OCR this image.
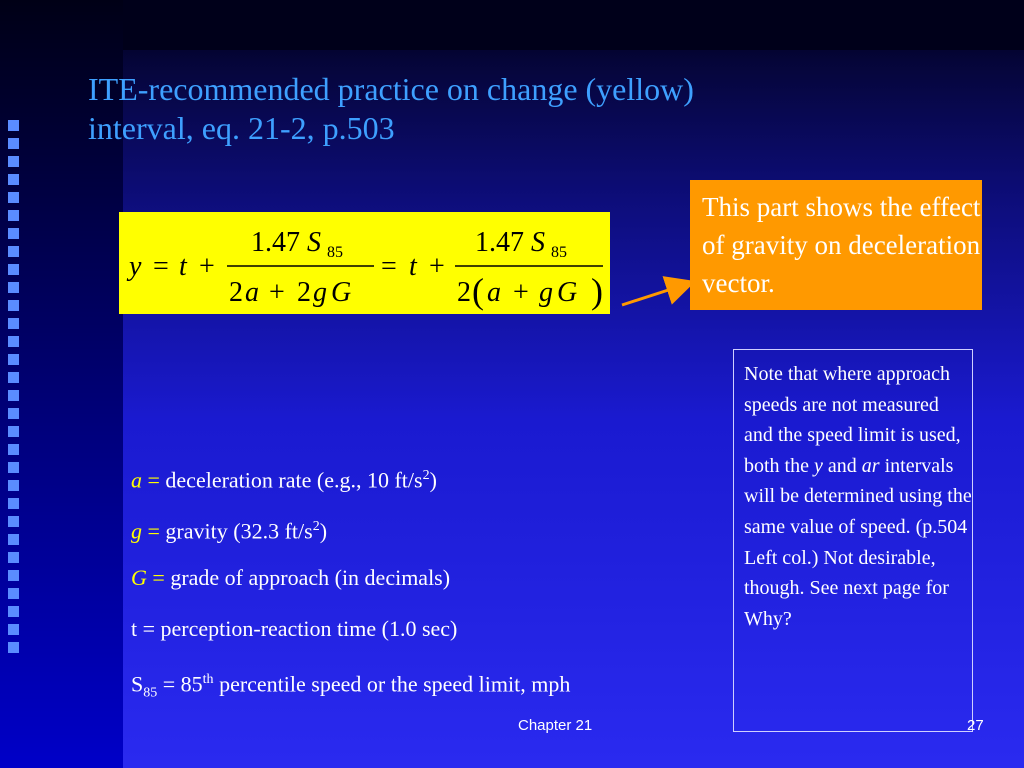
ITE-recommended practice on change (yellow)
interval, eq. 21-2, p.503
y = t +
1.47 S 85
2 a + 2 g G
= t +
1.47 S 85
2 ( a + g G )
This part shows the effect of gravity on deceleration vector.
Note that where approach speeds are not measured and the speed limit is used, both the y and ar intervals will be determined using the same value of speed. (p.504 Left col.) Not desirable, though. See next page for Why?
a = deceleration rate (e.g., 10 $ft/s^2$)
g = gravity (32.3 $ft/s^2$)
G = grade of approach (in decimals)
t = perception-reaction time (1.0 sec)
$S_{85} = 85th$ percentile speed or the speed limit, mph
Chapter 21	27
